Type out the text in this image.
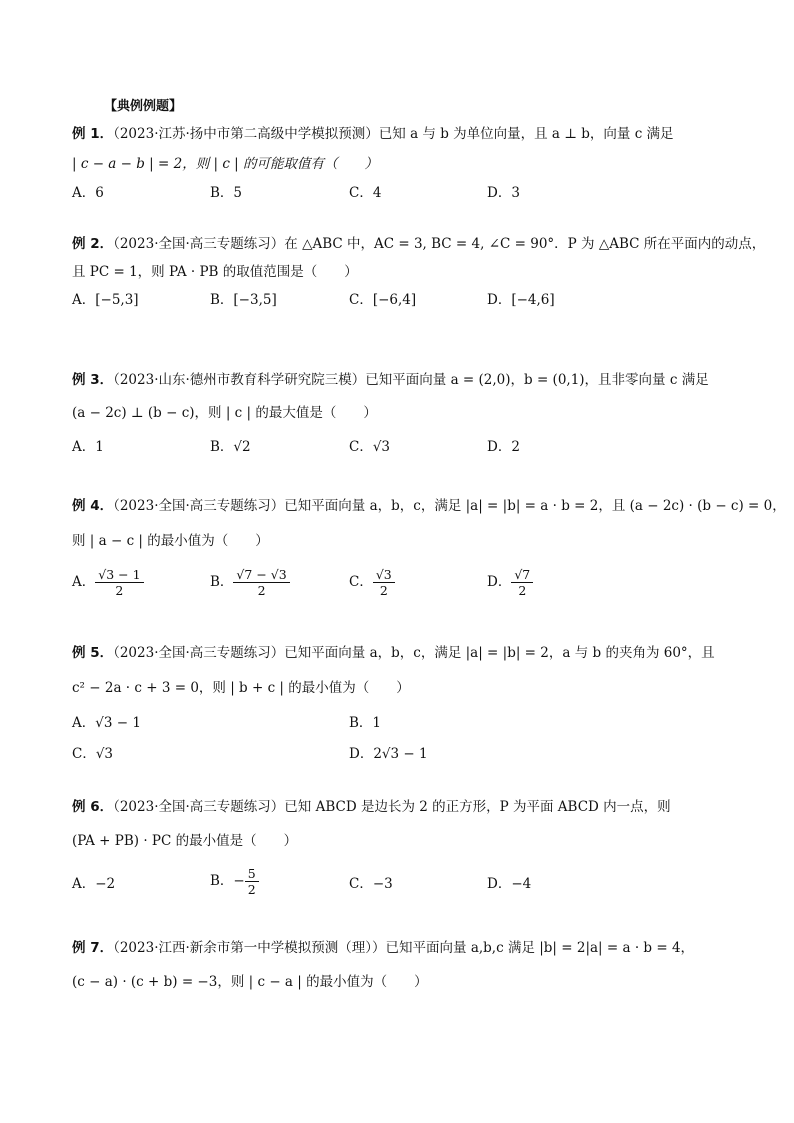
【典例例题】
例 1．（2023·江苏·扬中市第二高级中学模拟预测）已知 a 与 b 为单位向量，且 a ⊥ b，向量 c 满足
| c − a − b | = 2，则 | c | 的可能取值有（　　）
A．6	B．5	C．4	D．3
例 2．（2023·全国·高三专题练习）在 △ABC 中，AC = 3, BC = 4, ∠C = 90°．P 为 △ABC 所在平面内的动点，
且 PC = 1，则 PA · PB 的取值范围是（　　）
A．[−5,3]	B．[−3,5]	C．[−6,4]	D．[−4,6]
例 3．（2023·山东·德州市教育科学研究院三模）已知平面向量 a = (2,0)，b = (0,1)，且非零向量 c 满足
(a − 2c) ⊥ (b − c)，则 | c | 的最大值是（　　）
A．1	B．√2	C．√3	D．2
例 4．（2023·全国·高三专题练习）已知平面向量 a，b，c，满足 |a| = |b| = a · b = 2，且 (a − 2c) · (b − c) = 0，
则 | a − c | 的最小值为（　　）
A． $\frac{√3 - 1}{2}$	B． $\frac{√7 - √3}{2}$	C． $\frac{√3}{2}$	D． $\frac{√7}{2}$
例 5．（2023·全国·高三专题练习）已知平面向量 a，b，c，满足 |a| = |b| = 2，a 与 b 的夹角为 60°，且
c² − 2a · c + 3 = 0，则 | b + c | 的最小值为（　　）
A．√3 − 1	B．1
C．√3	D．2√3 − 1
例 6．（2023·全国·高三专题练习）已知 ABCD 是边长为 2 的正方形，P 为平面 ABCD 内一点，则
(PA + PB) · PC 的最小值是（　　）
A．−2	B．− $\frac{5}{2}$	C．−3	D．−4
例 7．（2023·江西·新余市第一中学模拟预测（理））已知平面向量 a,b,c 满足 |b| = 2|a| = a · b = 4，
(c − a) · (c + b) = −3，则 | c − a | 的最小值为（　　）
